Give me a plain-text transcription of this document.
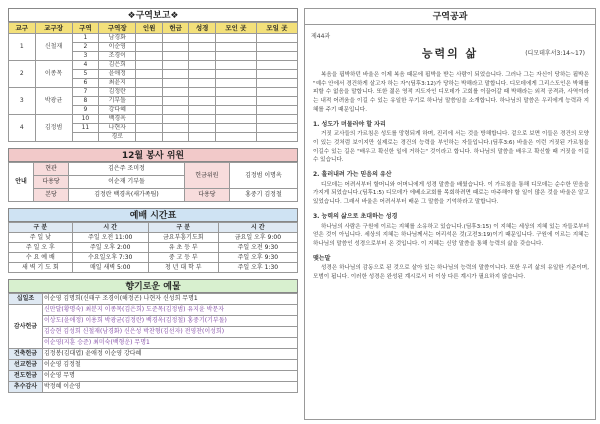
❖구역보고❖
교구	교구장	구역	구역장	인원	헌금	성경	모인 곳	모일 곳
1	신철재	1	남경화					
		2	이순영					
		3	조경이					
2	이종목	4	김은희					
		5	윤애정					
		6	최윤지					
3	박광균	7	김정란					
		8	기부돌					
		9	강다혜					
4	김정범	10	백경옥					
		11	나현자					
			경로					
12월 봉사 위원
안내	현관	김은주 조미정	헌금위원	김정범 이명옥
	다용당	이순재 기부돌		
	본당	김정란 백경옥(새가족팀)	다용당	홍중기 김정철
예배 시간표
구 분	시 간	구 분	시 간
주 일 낮	주일 오전 11:00	금요부흥기도회	금요일 오후 9:00
주 일 오 후	주일 오후 2:00	유 초 등 부	주일 오전 9:30
수 요 예 배	수요일오후 7:30	중 고 등 부	주일 오후 9:30
새 벽 기 도 회	매일 새벽 5:00	청 년 대 학 부	주일 오후 1:30
향기로운 예물
십일조	이순영 김명희(신태구 조경이(해정곤) 나현자 신성희 무명1
감사헌금	신만달(황명숙) 최분지 이종목(김은희) 도준목(김정범) 유지윤 박문자
	이상도(윤애정) 이용희 박광균(김정란) 백경옥(김정철) 홍중기(기부돌)
	김승현 김성희 신철재(남경화) 신은성 박찬형(김선자) 전영찬(이성희)
	이순영(지훈 승준) 최미숙(백형운) 무명1
건축헌금	김정봉(김대엽) 윤애정 이순영 강다혜
선교헌금	이순영 김정철
전도헌금	이순영 무명
추수감사	박정혜 이순영
구역공과
제44과
능력의 삶	(디모데후서3:14~17)

복음을 핍박하던 바울은 이제 복음 때문에 핍박을 받는 사람이 되었습니다. 그러나 그는 자신이 당하는 핍박은 "예수 안에서 경건하게 살고자 하는 자"(딤후3:12)가 당하는 박해라고 말합니다. 디모데에게 그리스도인은 박해를 피할 수 없음을 말합니다. 또한 젊은 영적 지도자인 디모데가 고회를 이끌어갈 때 박해라는 외적 공격과, 사역이라는 내적 어려움을 이길 수 있는 유일한 무기로 하나님 말씀임을 소개합니다. 하나님의 말씀은 우리에게 능력과 지혜를 주기 때문입니다.

1. 성도가 머물러야 할 자리

거짓 교사들의 가르침은 성도를 망령되게 하며, 진리에 서는 것을 방해합니다. 겉으로 보면 이들은 경건의 모양이 있는 것처럼 보이지만 실제로는 경건의 능력을 부인하는 자들입니다.(딤후3:6) 바울은 이런 거짓된 가르침을 이길수 있는 길은 "배우고 확신한 일에 거하는" 것이라고 합니다. 하나님의 말씀을 배우고 확신할 때 거짓을 이길 수 있습니다.

2. 흘러내려 가는 믿음의 유산

디모데는 어려서부터 할머니와 어머니에게 성경 말씀을 배웠습니다. 이 가르침을 통해 디모데는 순수한 믿음을 가지게 되었습니다.(딤후1:5) 디모데가 에베소교회를 목회하려면 때로는 마주해야 할 일이 많은 것을 바울은 알고 있었습니다. 그래서 바울은 어려서부터 배운 그 말씀을 기억하라고 말합니다.

3. 능력의 삶으로 초대하는 성경

하나님의 사람은 구원에 이르는 지혜를 소유하고 있습니다.(딤후3:15) 이 지혜는 세상의 지혜 있는 자들로부터 얻은 것이 아닙니다. 세상의 지혜는 하나님께서는 어리석은 것(고전3:19)이기 때문입니다. 구원에 이르는 지혜는 하나님의 말씀인 성경으로부터 온 것입니다. 이 지혜는 신앙 말씀을 통해 능력의 삶을 갖습니다.

맺는말

성경은 하나님의 감동으로 된 것으로 살아 있는 하나님의 능력의 말씀이니다. 또한 우리 삶의 유일한 기준이며, 모범이 됩니다. 이러한 성경은 완성된 계시로서 더 이상 다른 계시가 필요하지 않습니다.
